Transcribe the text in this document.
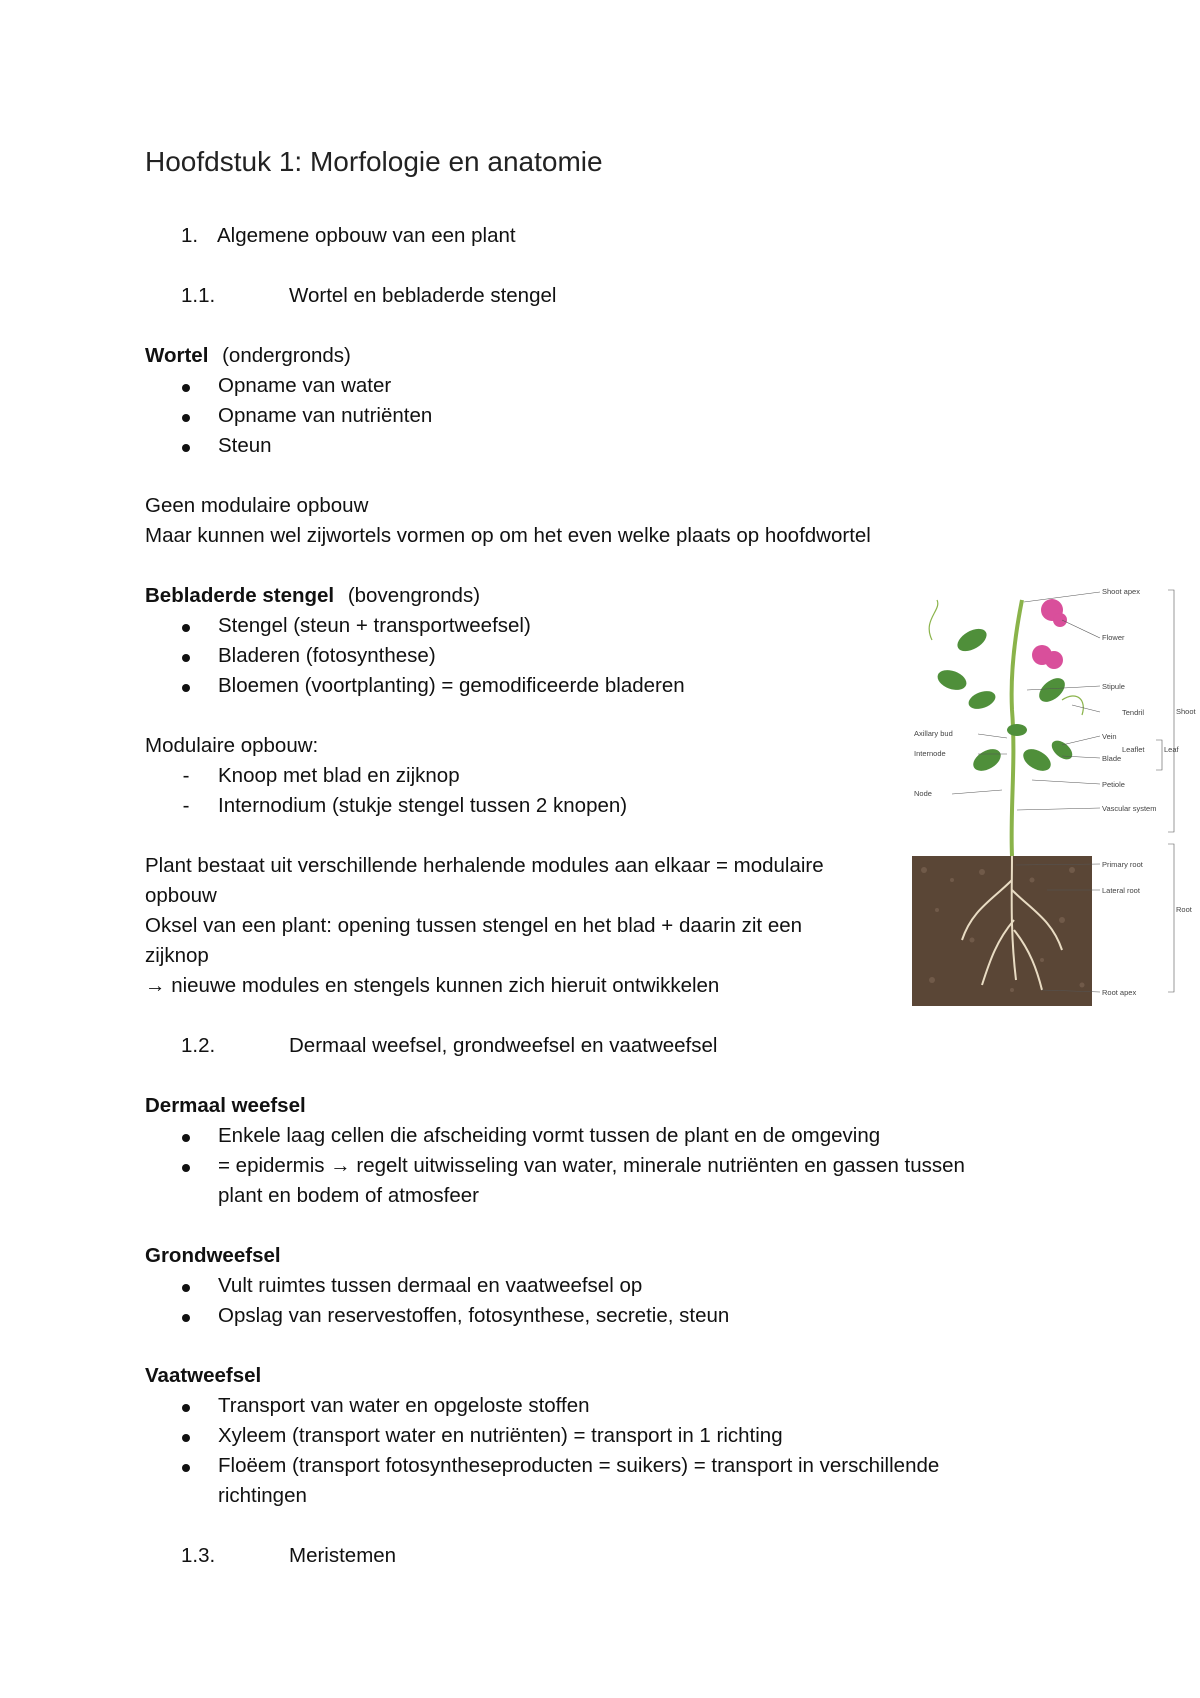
Hoofdstuk 1: Morfologie en anatomie
1. Algemene opbouw van een plant
1.1.	Wortel en bebladerde stengel
Wortel (ondergronds)
Opname van water
Opname van nutriënten
Steun
Geen modulaire opbouw
Maar kunnen wel zijwortels vormen op om het even welke plaats op hoofdwortel
Bebladerde stengel (bovengronds)
Stengel (steun + transportweefsel)
Bladeren (fotosynthese)
Bloemen (voortplanting) = gemodificeerde bladeren
Modulaire opbouw:
- Knoop met blad en zijknop
- Internodium (stukje stengel tussen 2 knopen)
Plant bestaat uit verschillende herhalende modules aan elkaar = modulaire
opbouw
Oksel van een plant: opening tussen stengel en het blad + daarin zit een
zijknop
→ nieuwe modules en stengels kunnen zich hieruit ontwikkelen
1.2.	Dermaal weefsel, grondweefsel en vaatweefsel
Dermaal weefsel
Enkele laag cellen die afscheiding vormt tussen de plant en de omgeving
= epidermis → regelt uitwisseling van water, minerale nutriënten en gassen tussen
plant en bodem of atmosfeer
Grondweefsel
Vult ruimtes tussen dermaal en vaatweefsel op
Opslag van reservestoffen, fotosynthese, secretie, steun
Vaatweefsel
Transport van water en opgeloste stoffen
Xyleem (transport water en nutriënten) = transport in 1 richting
Floëem (transport fotosyntheseproducten = suikers) = transport in verschillende
richtingen
1.3.	Meristemen
Shoot apex
Flower
Stipule
Tendril	Shoot
Axillary bud	Vein
Leaflet	Leaf
Internode
Blade
Node
Petiole
Vascular system
Primary root
Lateral root
Root
Root apex
